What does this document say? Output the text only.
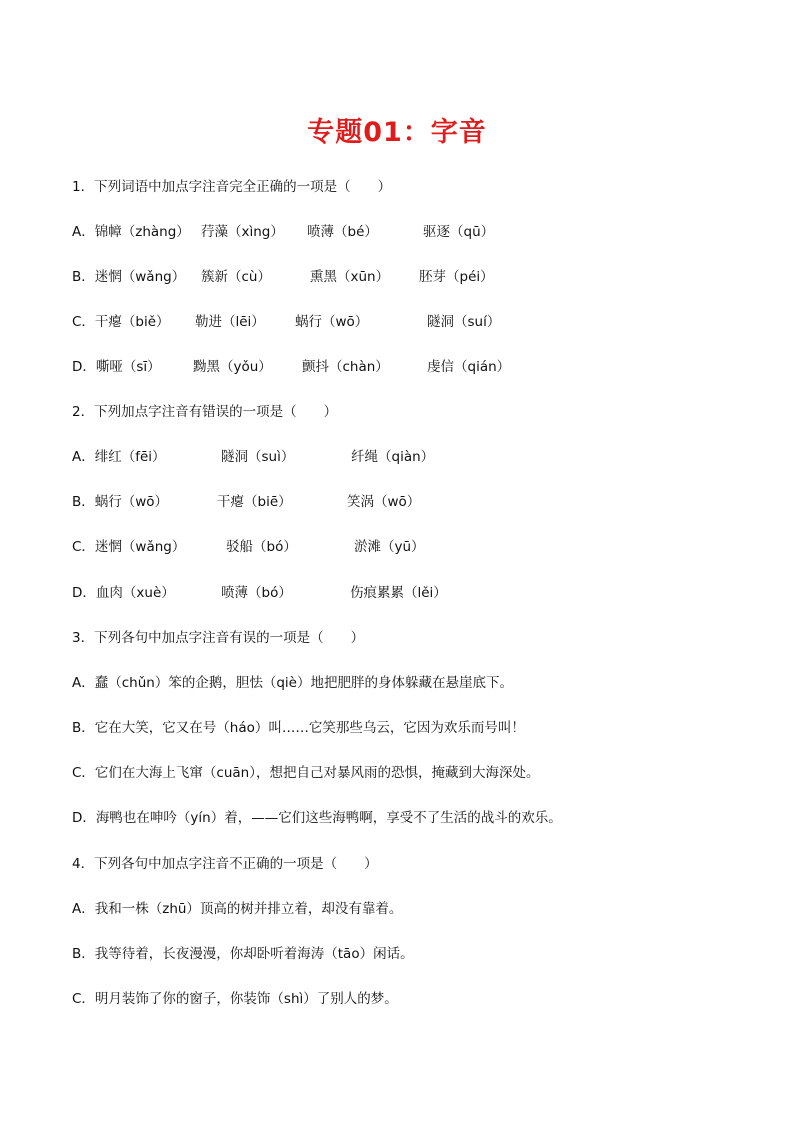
专题01：字音
1．下列词语中加点字注音完全正确的一项是（　　）
A．锦幛（zhàng） 荇藻（xìng） 喷薄（bé）	驱逐（qū）
B．迷惘（wǎng） 簇新（cù）	熏黑（xūn） 胚芽（péi）
C．干瘪（biě） 勒进（lēi） 蜗行（wō）	隧洞（suí）
D．嘶哑（sī） 黝黑（yǒu） 颤抖（chàn）	虔信（qián）
2．下列加点字注音有错误的一项是（　　）
A．绯红（fēi）	隧洞（suì）	纤绳（qiàn）
B．蜗行（wō）	干瘪（biē）	笑涡（wō）
C．迷惘（wǎng）	驳船（bó）	淤滩（yū）
D．血肉（xuè）	喷薄（bó）	伤痕累累（lěi）
3．下列各句中加点字注音有误的一项是（　　）
A．蠢（chǔn）笨的企鹅，胆怯（qiè）地把肥胖的身体躲藏在悬崖底下。
B．它在大笑，它又在号（háo）叫……它笑那些乌云，它因为欢乐而号叫！
C．它们在大海上飞窜（cuān），想把自己对暴风雨的恐惧，掩藏到大海深处。
D．海鸭也在呻吟（yín）着，——它们这些海鸭啊，享受不了生活的战斗的欢乐。
4．下列各句中加点字注音不正确的一项是（　　）
A．我和一株（zhū）顶高的树并排立着，却没有靠着。
B．我等待着，长夜漫漫，你却卧听着海涛（tāo）闲话。
C．明月装饰了你的窗子，你装饰（shì）了别人的梦。
